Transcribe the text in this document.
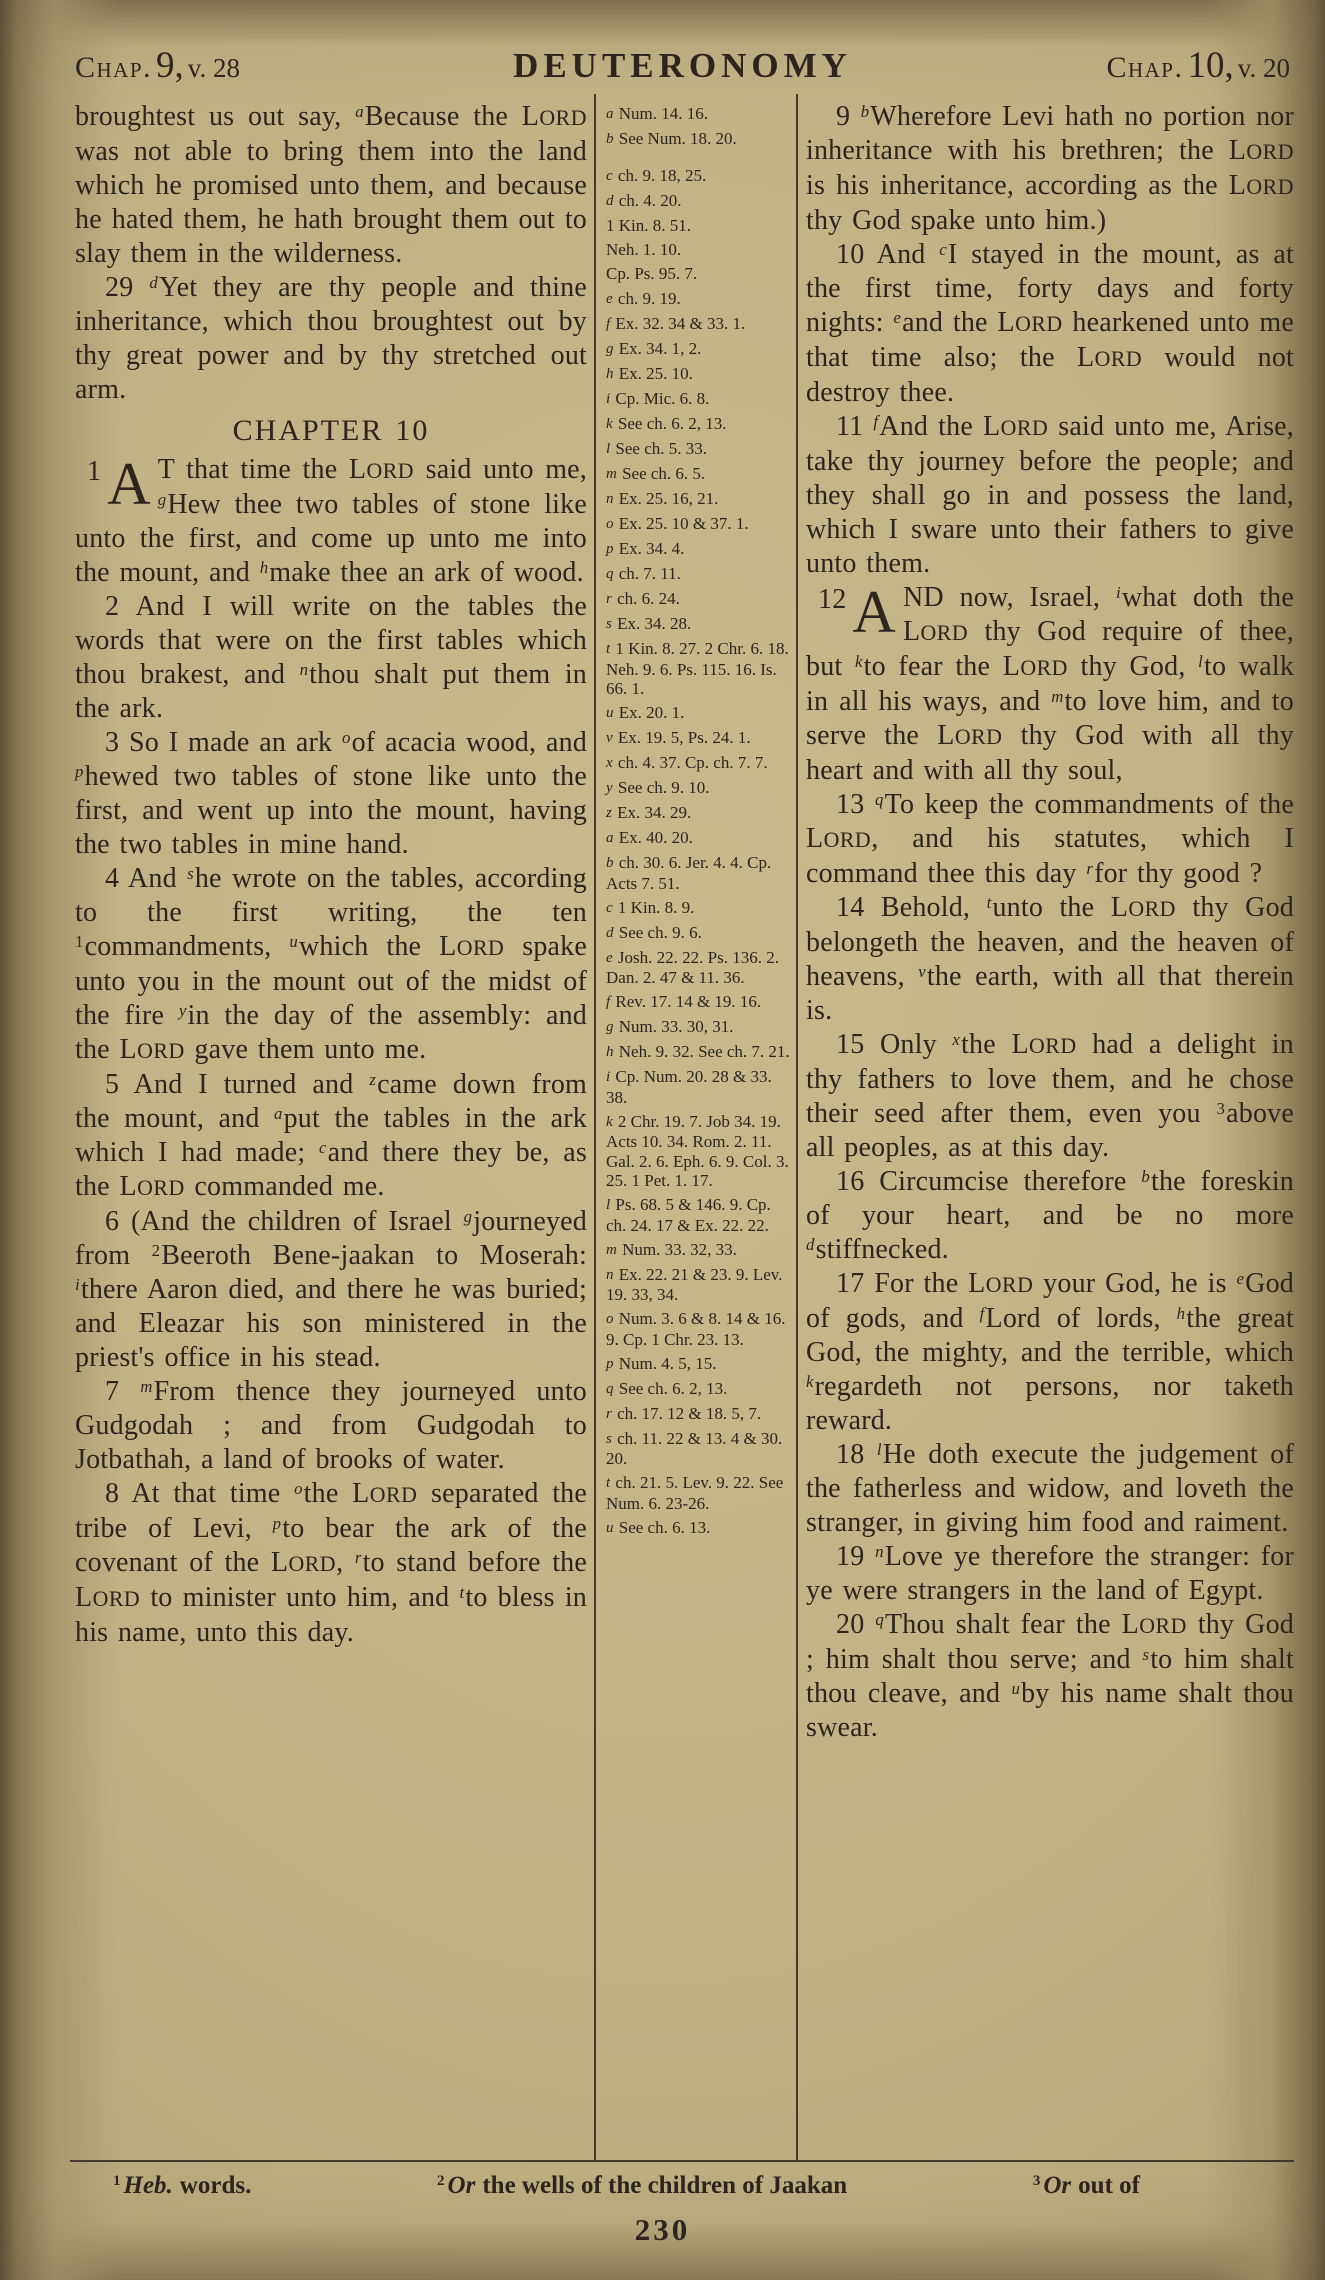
Chap. 9, v. 28	DEUTERONOMY	Chap. 10, v. 20
broughtest us out say, $^a$Because the LORD was not able to bring them into the land which he promised unto them, and because he hated them, he hath brought them out to slay them in the wilderness.
29 $^d$Yet they are thy people and thine inheritance, which thou broughtest out by thy great power and by thy stretched out arm.
CHAPTER 10
1 A T that time the LORD said unto me, $^g$Hew thee two tables of stone like unto the first, and come up unto me into the mount, and $^h$make thee an ark of wood.
2 And I will write on the tables the words that were on the first tables which thou brakest, and $^n$thou shalt put them in the ark.
3 So I made an ark $^o$of acacia wood, and $^p$hewed two tables of stone like unto the first, and went up into the mount, having the two tables in mine hand.
4 And $^s$he wrote on the tables, according to the first writing, the ten $^1$commandments, $^u$which the LORD spake unto you in the mount out of the midst of the fire $^y$in the day of the assembly: and the LORD gave them unto me.
5 And I turned and $^z$came down from the mount, and $^a$put the tables in the ark which I had made; $^c$and there they be, as the LORD commanded me.
6 (And the children of Israel $^g$journeyed from $^2$Beeroth Bene-jaakan to Moserah: $^i$there Aaron died, and there he was buried; and Eleazar his son ministered in the priest's office in his stead.
7 $^m$From thence they journeyed unto Gudgodah ; and from Gudgodah to Jotbathah, a land of brooks of water.
8 At that time $^o$the LORD separated the tribe of Levi, $^p$to bear the ark of the covenant of the LORD, $^r$to stand before the LORD to minister unto him, and $^t$to bless in his name, unto this day.
a Num. 14. 16.
b See Num. 18. 20.
c ch. 9. 18, 25.
d ch. 4. 20.
1 Kin. 8. 51.
Neh. 1. 10.
Cp. Ps. 95. 7.
e ch. 9. 19.
f Ex. 32. 34 & 33. 1.
g Ex. 34. 1, 2.
h Ex. 25. 10.
i Cp. Mic. 6. 8.
k See ch. 6. 2, 13.
l See ch. 5. 33.
m See ch. 6. 5.
n Ex. 25. 16, 21.
o Ex. 25. 10 & 37. 1.
p Ex. 34. 4.
q ch. 7. 11.
r ch. 6. 24.
s Ex. 34. 28.
t 1 Kin. 8. 27. 2 Chr. 6. 18. Neh. 9. 6. Ps. 115. 16. Is. 66. 1.
u Ex. 20. 1.
v Ex. 19. 5, Ps. 24. 1.
x ch. 4. 37. Cp. ch. 7. 7.
y See ch. 9. 10.
z Ex. 34. 29.
a Ex. 40. 20.
b ch. 30. 6. Jer. 4. 4. Cp. Acts 7. 51.
c 1 Kin. 8. 9.
d See ch. 9. 6.
e Josh. 22. 22. Ps. 136. 2. Dan. 2. 47 & 11. 36.
f Rev. 17. 14 & 19. 16.
g Num. 33. 30, 31.
h Neh. 9. 32. See ch. 7. 21.
i Cp. Num. 20. 28 & 33. 38.
k 2 Chr. 19. 7. Job 34. 19. Acts 10. 34. Rom. 2. 11. Gal. 2. 6. Eph. 6. 9. Col. 3. 25. 1 Pet. 1. 17.
l Ps. 68. 5 & 146. 9. Cp. ch. 24. 17 & Ex. 22. 22.
m Num. 33. 32, 33.
n Ex. 22. 21 & 23. 9. Lev. 19. 33, 34.
o Num. 3. 6 & 8. 14 & 16. 9. Cp. 1 Chr. 23. 13.
p Num. 4. 5, 15.
q See ch. 6. 2, 13.
r ch. 17. 12 & 18. 5, 7.
s ch. 11. 22 & 13. 4 & 30. 20.
t ch. 21. 5. Lev. 9. 22. See Num. 6. 23-26.
u See ch. 6. 13.
9 $^b$Wherefore Levi hath no portion nor inheritance with his brethren; the LORD is his inheritance, according as the LORD thy God spake unto him.)
10 And $^c$I stayed in the mount, as at the first time, forty days and forty nights: $^e$and the LORD hearkened unto me that time also; the LORD would not destroy thee.
11 $^f$And the LORD said unto me, Arise, take thy journey before the people; and they shall go in and possess the land, which I sware unto their fathers to give unto them.
12 A ND now, Israel, $^i$what doth the LORD thy God require of thee, but $^k$to fear the LORD thy God, $^l$to walk in all his ways, and $^m$to love him, and to serve the LORD thy God with all thy heart and with all thy soul,
13 $^q$To keep the commandments of the LORD, and his statutes, which I command thee this day $^r$for thy good ?
14 Behold, $^t$unto the LORD thy God belongeth the heaven, and the heaven of heavens, $^v$the earth, with all that therein is.
15 Only $^x$the LORD had a delight in thy fathers to love them, and he chose their seed after them, even you $^3$above all peoples, as at this day.
16 Circumcise therefore $^b$the foreskin of your heart, and be no more $^d$stiffnecked.
17 For the LORD your God, he is $^e$God of gods, and $^f$Lord of lords, $^h$the great God, the mighty, and the terrible, which $^k$regardeth not persons, nor taketh reward.
18 $^l$He doth execute the judgement of the fatherless and widow, and loveth the stranger, in giving him food and raiment.
19 $^n$Love ye therefore the stranger: for ye were strangers in the land of Egypt.
20 $^q$Thou shalt fear the LORD thy God ; him shalt thou serve; and $^s$to him shalt thou cleave, and $^u$by his name shalt thou swear.
$^1$ Heb. words.	$^2$ Or the wells of the children of Jaakan	$^3$ Or out of
230
